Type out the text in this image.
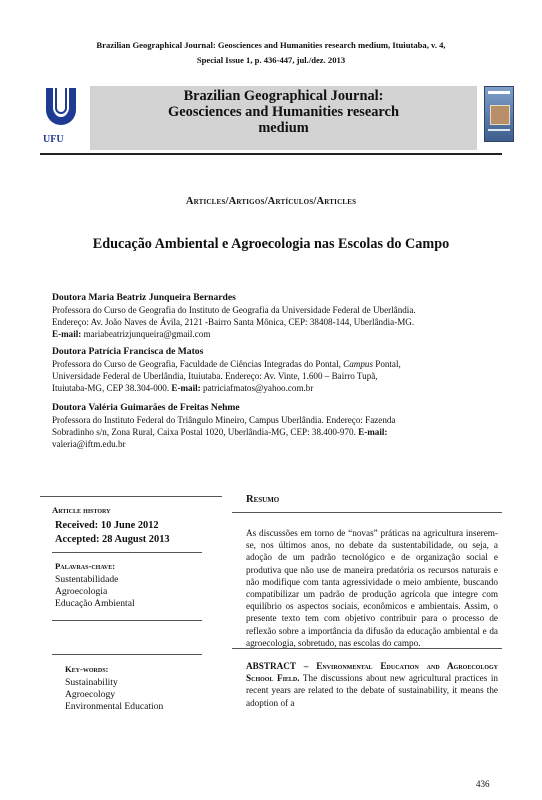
Brazilian Geographical Journal: Geosciences and Humanities research medium, Ituiutaba, v. 4,
Special Issue 1, p. 436-447, jul./dez. 2013
UFU
Brazilian Geographical Journal:
Geosciences and Humanities research
medium
Articles/Artigos/Artículos/Articles
Educação Ambiental e Agroecologia nas Escolas do Campo
Doutora Maria Beatriz Junqueira Bernardes
Professora do Curso de Geografia do Instituto de Geografia da Universidade Federal de Uberlândia.
Endereço: Av. João Naves de Ávila, 2121 -Bairro Santa Mônica, CEP: 38408-144, Uberlândia-MG.
E-mail: mariabeatrizjunqueira@gmail.com
Doutora Patrícia Francisca de Matos
Professora do Curso de Geografia, Faculdade de Ciências Integradas do Pontal, Campus Pontal,
Universidade Federal de Uberlândia, Ituiutaba. Endereço: Av. Vinte, 1.600 – Bairro Tupã,
Ituiutaba-MG, CEP 38.304-000. E-mail: patriciafmatos@yahoo.com.br
Doutora Valéria Guimarães de Freitas Nehme
Professora do Instituto Federal do Triângulo Mineiro, Campus Uberlândia. Endereço: Fazenda
Sobradinho s/n, Zona Rural, Caixa Postal 1020, Uberlândia-MG, CEP: 38.400-970. E-mail:
valeria@iftm.edu.br
Article history
Received: 10 June 2012
Accepted: 28 August 2013
Palavras-chave:
Sustentabilidade
Agroecologia
Educação Ambiental
Key-words:
Sustainability
Agroecology
Environmental Education
Resumo
As discussões em torno de “novas” práticas na agricultura inserem-se, nos últimos anos, no debate da sustentabilidade, ou seja, a adoção de um padrão tecnológico e de organização social e produtiva que não use de maneira predatória os recursos naturais e não modifique com tanta agressividade o meio ambiente, buscando compatibilizar um padrão de produção agrícola que integre com equilíbrio os aspectos sociais, econômicos e ambientais. Assim, o presente texto tem com objetivo contribuir para o processo de reflexão sobre a importância da difusão da educação ambiental e da agroecologia, sobretudo, nas escolas do campo.
ABSTRACT – Environmental Education and Agroecology School Field. The discussions about new agricultural practices in recent years are related to the debate of sustainability, it means the adoption of a
436
